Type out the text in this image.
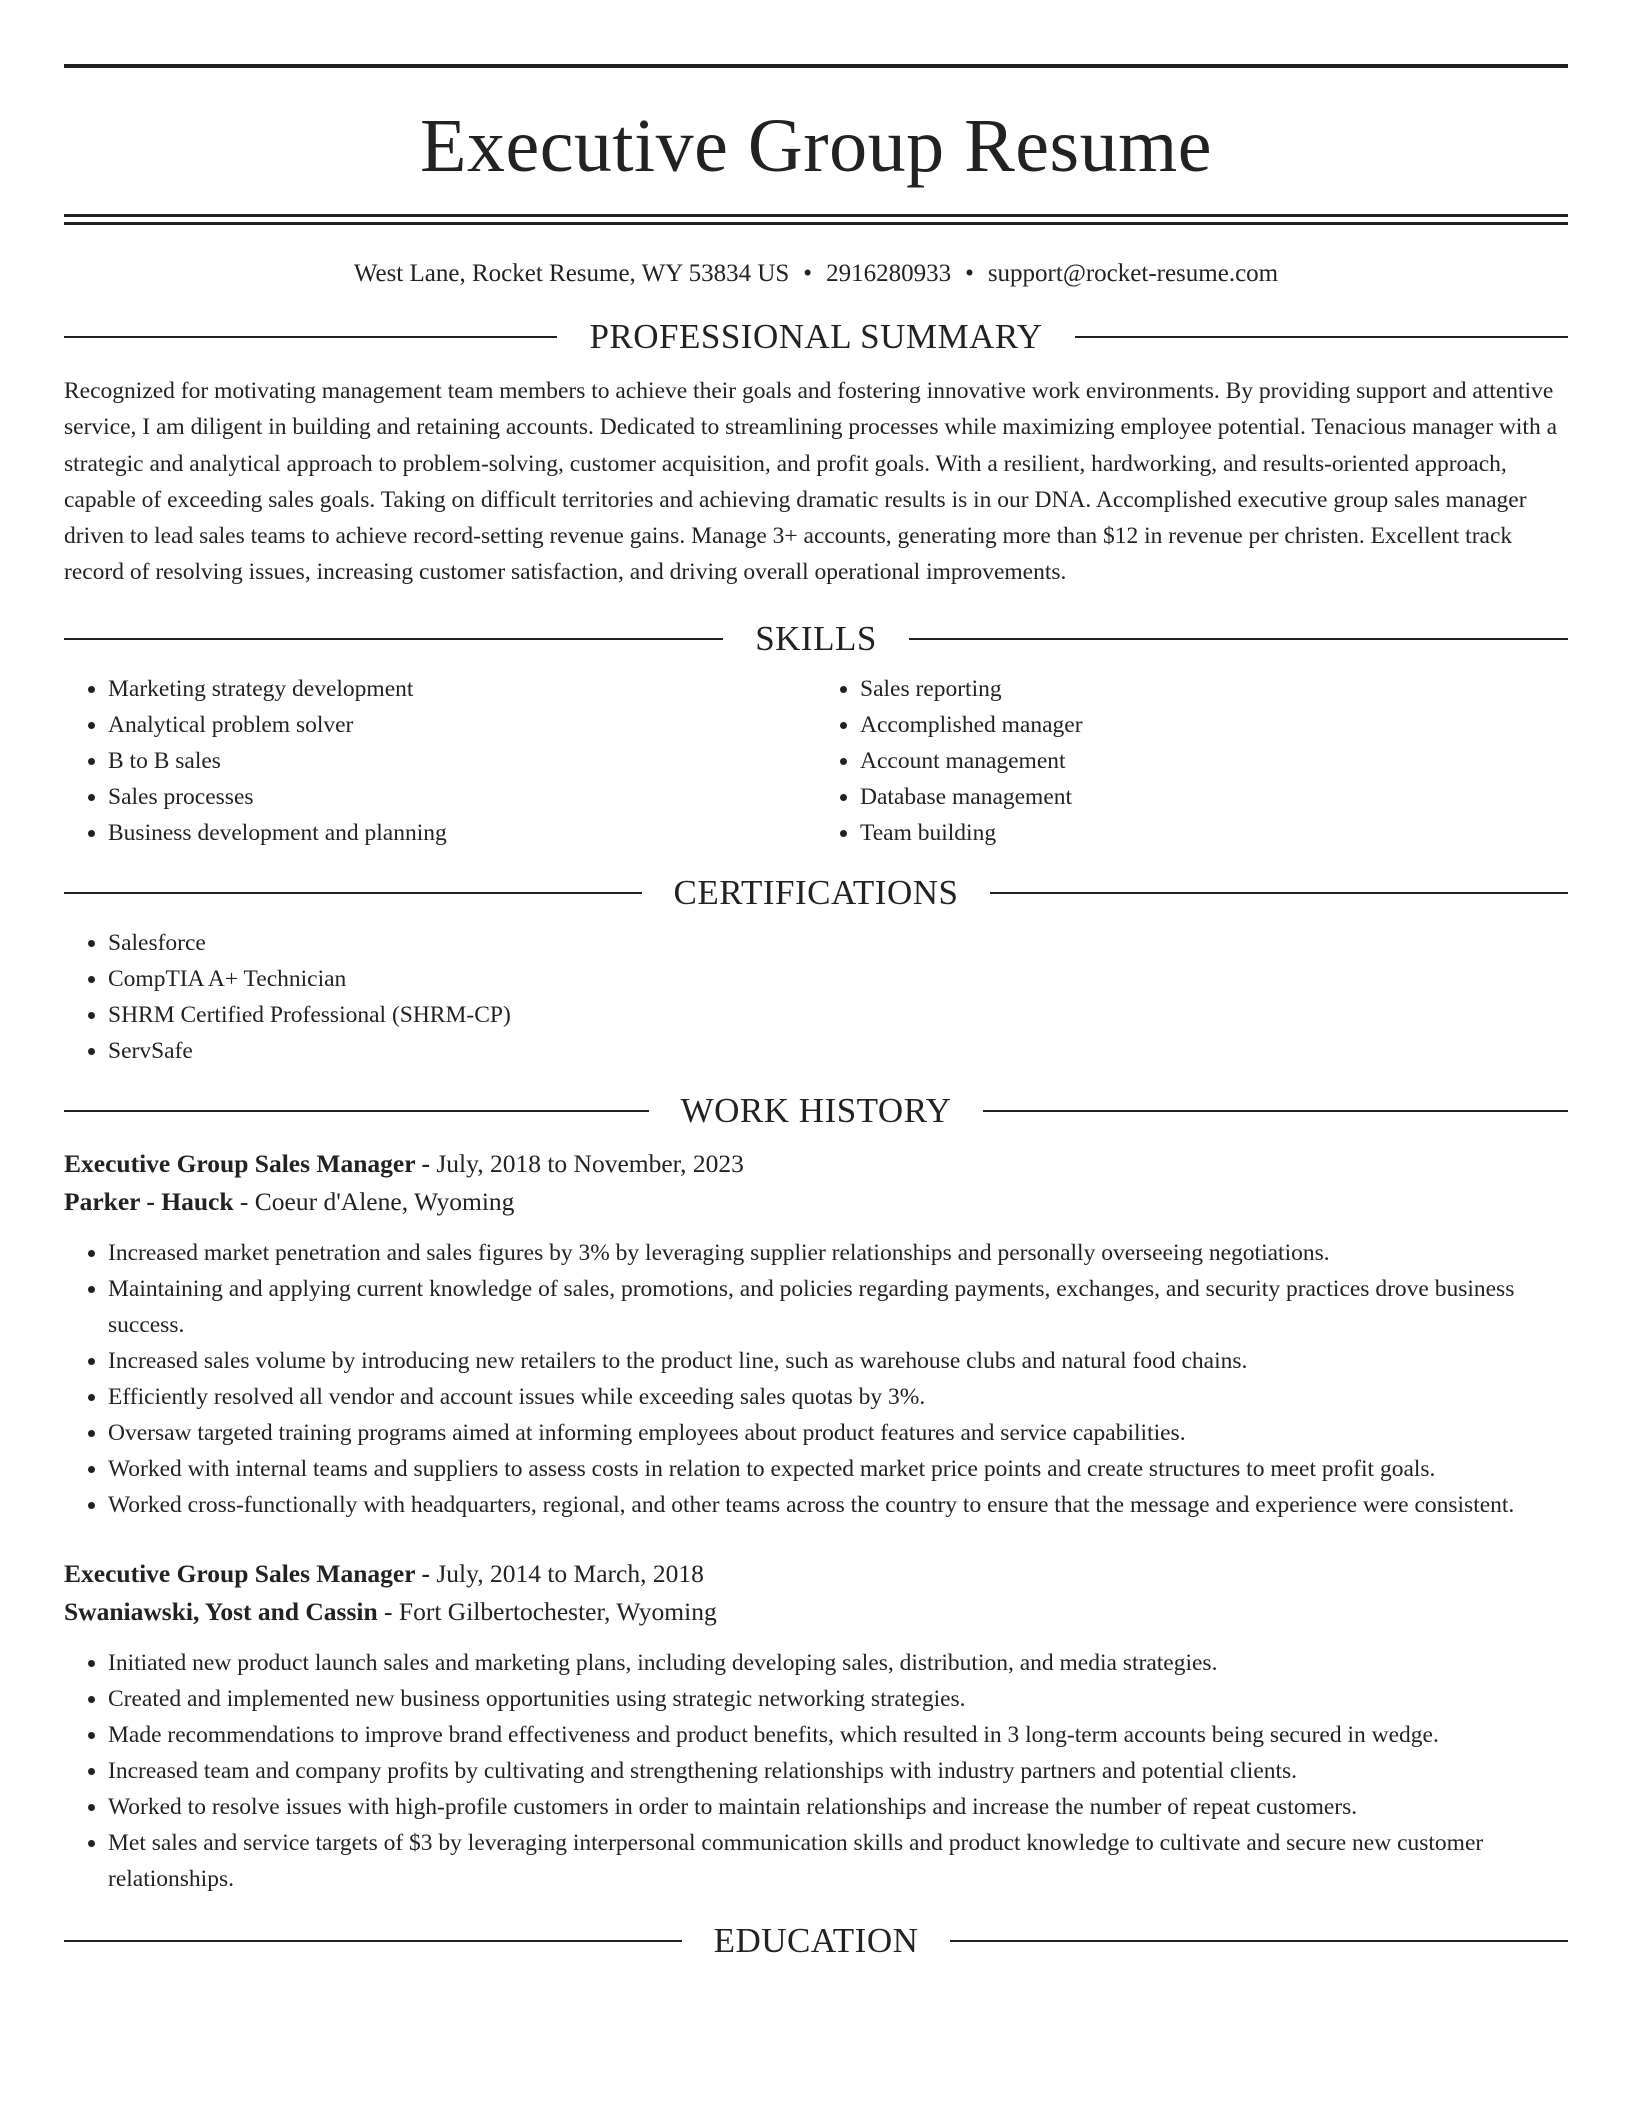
Executive Group Resume
West Lane, Rocket Resume, WY 53834 US • 2916280933 • support@rocket-resume.com
PROFESSIONAL SUMMARY

Recognized for motivating management team members to achieve their goals and fostering innovative work environments. By providing support and attentive service, I am diligent in building and retaining accounts. Dedicated to streamlining processes while maximizing employee potential. Tenacious manager with a strategic and analytical approach to problem-solving, customer acquisition, and profit goals. With a resilient, hardworking, and results-oriented approach, capable of exceeding sales goals. Taking on difficult territories and achieving dramatic results is in our DNA. Accomplished executive group sales manager driven to lead sales teams to achieve record-setting revenue gains. Manage 3+ accounts, generating more than $12 in revenue per christen. Excellent track record of resolving issues, increasing customer satisfaction, and driving overall operational improvements.

SKILLS
• Marketing strategy development
• Analytical problem solver
• B to B sales
• Sales processes
• Business development and planning
• Sales reporting
• Accomplished manager
• Account management
• Database management
• Team building
CERTIFICATIONS
• Salesforce
• CompTIA A+ Technician
• SHRM Certified Professional (SHRM-CP)
• ServSafe
WORK HISTORY
Executive Group Sales Manager - July, 2018 to November, 2023
Parker - Hauck - Coeur d'Alene, Wyoming
• Increased market penetration and sales figures by 3% by leveraging supplier relationships and personally overseeing negotiations.
• Maintaining and applying current knowledge of sales, promotions, and policies regarding payments, exchanges, and security practices drove business success.
• Increased sales volume by introducing new retailers to the product line, such as warehouse clubs and natural food chains.
• Efficiently resolved all vendor and account issues while exceeding sales quotas by 3%.
• Oversaw targeted training programs aimed at informing employees about product features and service capabilities.
• Worked with internal teams and suppliers to assess costs in relation to expected market price points and create structures to meet profit goals.
• Worked cross-functionally with headquarters, regional, and other teams across the country to ensure that the message and experience were consistent.
Executive Group Sales Manager - July, 2014 to March, 2018
Swaniawski, Yost and Cassin - Fort Gilbertochester, Wyoming
• Initiated new product launch sales and marketing plans, including developing sales, distribution, and media strategies.
• Created and implemented new business opportunities using strategic networking strategies.
• Made recommendations to improve brand effectiveness and product benefits, which resulted in 3 long-term accounts being secured in wedge.
• Increased team and company profits by cultivating and strengthening relationships with industry partners and potential clients.
• Worked to resolve issues with high-profile customers in order to maintain relationships and increase the number of repeat customers.
• Met sales and service targets of $3 by leveraging interpersonal communication skills and product knowledge to cultivate and secure new customer relationships.
EDUCATION
